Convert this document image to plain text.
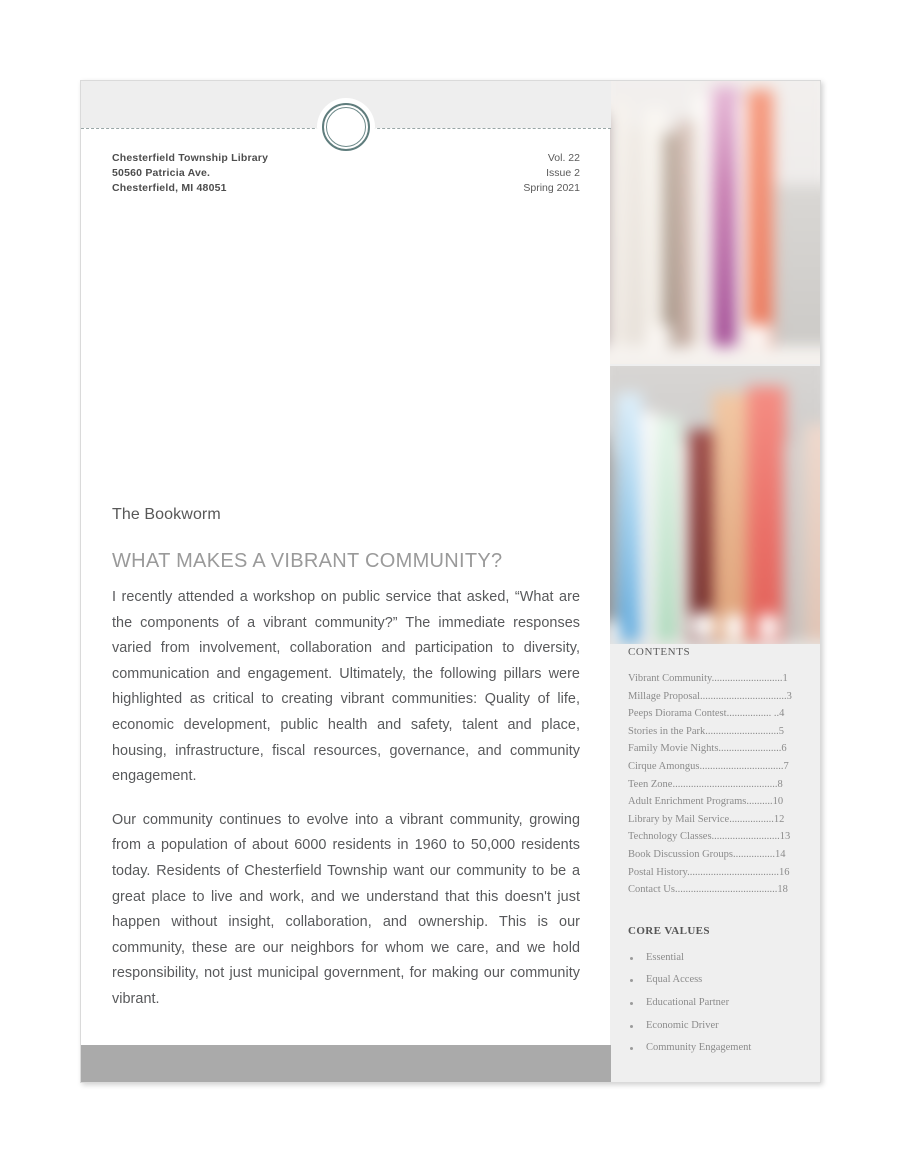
CONTENTS
Vibrant Community...........................1
Millage Proposal.................................3
Peeps Diorama Contest................. ..4
Stories in the Park............................5
Family Movie Nights........................6
Cirque Amongus................................7
Teen Zone........................................8
Adult Enrichment Programs..........10
Library by Mail Service.................12
Technology Classes..........................13
Book Discussion Groups................14
Postal History...................................16
Contact Us.......................................18
CORE VALUES
Essential
Equal Access
Educational Partner
Economic Driver
Community Engagement
Chesterfield Township Library
50560 Patricia Ave.
Chesterfield, MI 48051
Vol. 22
Issue 2
Spring 2021
The Bookworm
WHAT MAKES A VIBRANT COMMUNITY?

I recently attended a workshop on public service that asked, “What are the components of a vibrant community?” The immediate responses varied from involvement, collaboration and participation to diversity, communication and engagement. Ultimately, the following pillars were highlighted as critical to creating vibrant communities: Quality of life, economic development, public health and safety, talent and place, housing, infrastructure, fiscal resources, governance, and community engagement.

Our community continues to evolve into a vibrant community, growing from a population of about 6000 residents in 1960 to 50,000 residents today. Residents of Chesterfield Township want our community to be a great place to live and work, and we understand that this doesn't just happen without insight, collaboration, and ownership. This is our community, these are our neighbors for whom we care, and we hold responsibility, not just municipal government, for making our community vibrant.
